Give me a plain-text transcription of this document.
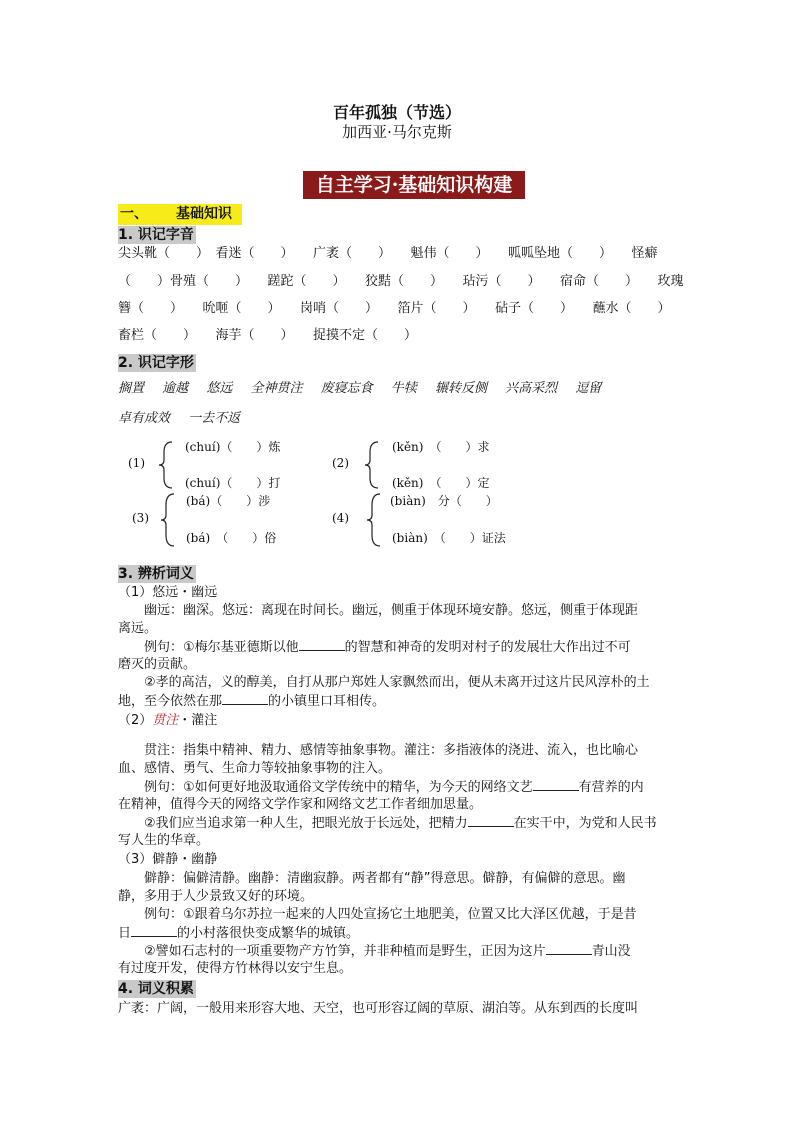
百年孤独（节选）
加西亚·马尔克斯
自主学习·基础知识构建
一、 基础知识
1. 识记字音
尖头靴（　　）　看迷（　　）　　广袤（　　）　　魁伟（　　）　　呱呱坠地（　　）　　怪癖
（　　）骨殖（　　）　　蹉跎（　　）　　狡黠（　　）　　玷污（　　）　　宿命（　　）　　玫瑰
簪（　　）　　吮咂（　　）　　岗哨（　　）　　箔片（　　）　　砧子（　　）　　蘸水（　　）
畜栏（　　）　　海芋（　　）　　捉摸不定（　　）
2. 识记字形
搁置 逾越 悠远 全神贯注 废寝忘食 牛犊 辗转反侧 兴高采烈 逗留
卓有成效 一去不返
(1)
(chuí)（　　）炼
(chuí)（　　）打
(2)
(kěn)　（　　）求
(kěn)　（　　）定
(3)
(bá)（　　）涉
(bá)　（　　）俗
(4)
(biàn)　分（　　）
(biàn)　（　　）证法
3. 辨析词义
（1）悠远・幽远
　　幽远：幽深。悠远：离现在时间长。幽远，侧重于体现环境安静。悠远，侧重于体现距
离远。
　　例句：①梅尔基亚德斯以他	的智慧和神奇的发明对村子的发展壮大作出过不可
磨灭的贡献。
　　②孝的高洁，义的醇美，自打从那户郑姓人家飘然而出，便从未离开过这片民风淳朴的土
地，至今依然在那	的小镇里口耳相传。
（2）贯注・灌注
　　贯注：指集中精神、精力、感情等抽象事物。灌注：多指液体的浇进、流入，也比喻心
血、感情、勇气、生命力等较抽象事物的注入。
　　例句：①如何更好地汲取通俗文学传统中的精华，为今天的网络文艺	有营养的内
在精神，值得今天的网络文学作家和网络文艺工作者细加思量。
　　②我们应当追求第一种人生，把眼光放于长远处，把精力	在实干中，为党和人民书
写人生的华章。
（3）僻静・幽静
　　僻静：偏僻清静。幽静：清幽寂静。两者都有“静”得意思。僻静，有偏僻的意思。幽
静，多用于人少景致又好的环境。
　　例句：①跟着乌尔苏拉一起来的人四处宣扬它土地肥美，位置又比大泽区优越，于是昔
日	的小村落很快变成繁华的城镇。
　　②譬如石志村的一项重要物产方竹笋，并非种植而是野生，正因为这片	青山没
有过度开发，使得方竹林得以安宁生息。
4. 词义积累
广袤：广阔，一般用来形容大地、天空，也可形容辽阔的草原、湖泊等。从东到西的长度叫
